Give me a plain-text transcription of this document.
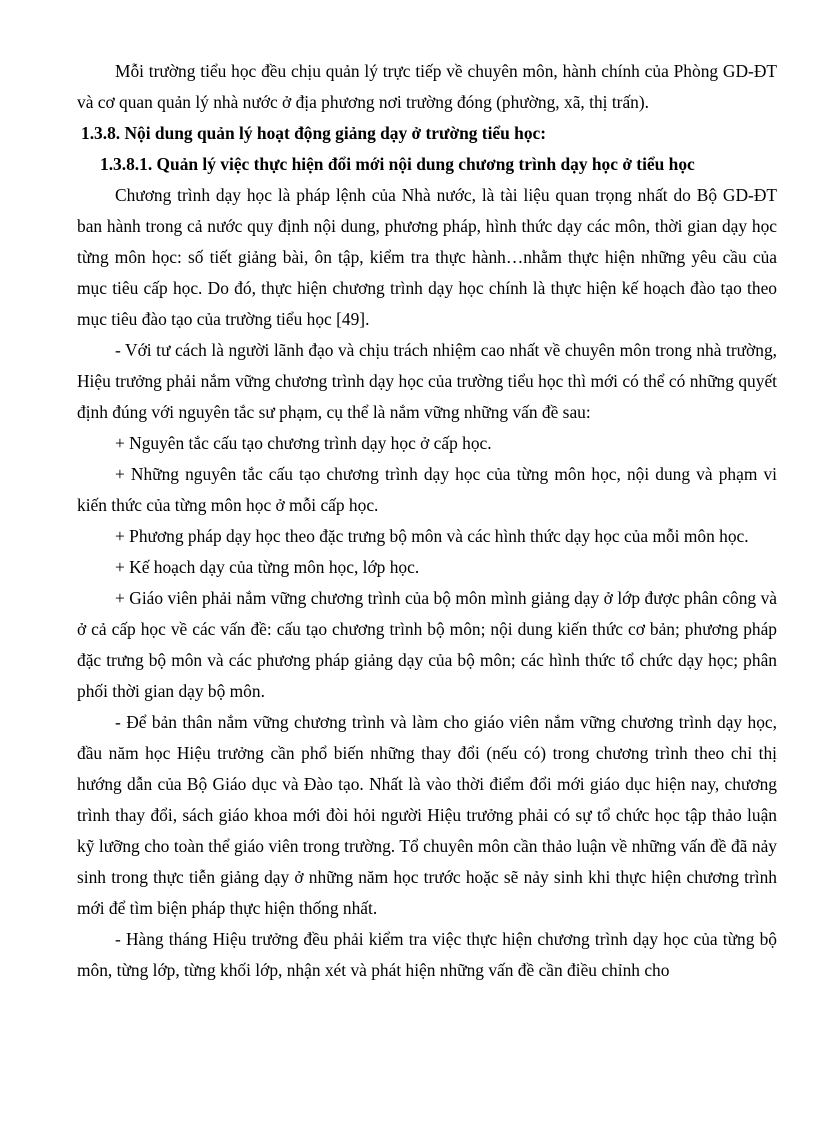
Mỗi trường tiểu học đều chịu quản lý trực tiếp về chuyên môn, hành chính của Phòng GD-ĐT và cơ quan quản lý nhà nước ở địa phương nơi trường đóng (phường, xã, thị trấn).

1.3.8. Nội dung quản lý hoạt động giảng dạy ở trường tiểu học:

1.3.8.1. Quản lý việc thực hiện đổi mới nội dung chương trình dạy học ở tiểu học

Chương trình dạy học là pháp lệnh của Nhà nước, là tài liệu quan trọng nhất do Bộ GD-ĐT ban hành trong cả nước quy định nội dung, phương pháp, hình thức dạy các môn, thời gian dạy học từng môn học: số tiết giảng bài, ôn tập, kiểm tra thực hành…nhằm thực hiện những yêu cầu của mục tiêu cấp học. Do đó, thực hiện chương trình dạy học chính là thực hiện kế hoạch đào tạo theo mục tiêu đào tạo của trường tiểu học [49].

- Với tư cách là người lãnh đạo và chịu trách nhiệm cao nhất về chuyên môn trong nhà trường, Hiệu trưởng phải nắm vững chương trình dạy học của trường tiểu học thì mới có thể có những quyết định đúng với nguyên tắc sư phạm, cụ thể là nắm vững những vấn đề sau:

+ Nguyên tắc cấu tạo chương trình dạy học ở cấp học.

+ Những nguyên tắc cấu tạo chương trình dạy học của từng môn học, nội dung và phạm vi kiến thức của từng môn học ở mỗi cấp học.

+ Phương pháp dạy học theo đặc trưng bộ môn và các hình thức dạy học của mỗi môn học.

+ Kế hoạch dạy của từng môn học, lớp học.

+ Giáo viên phải nắm vững chương trình của bộ môn mình giảng dạy ở lớp được phân công và ở cả cấp học về các vấn đề: cấu tạo chương trình bộ môn; nội dung kiến thức cơ bản; phương pháp đặc trưng bộ môn và các phương pháp giảng dạy của bộ môn; các hình thức tổ chức dạy học; phân phối thời gian dạy bộ môn.

- Để bản thân nắm vững chương trình và làm cho giáo viên nắm vững chương trình dạy học, đầu năm học Hiệu trưởng cần phổ biến những thay đổi (nếu có) trong chương trình theo chỉ thị hướng dẫn của Bộ Giáo dục và Đào tạo. Nhất là vào thời điểm đổi mới giáo dục hiện nay, chương trình thay đổi, sách giáo khoa mới đòi hỏi người Hiệu trưởng phải có sự tổ chức học tập thảo luận kỹ lưỡng cho toàn thể giáo viên trong trường. Tổ chuyên môn cần thảo luận về những vấn đề đã nảy sinh trong thực tiễn giảng dạy ở những năm học trước hoặc sẽ nảy sinh khi thực hiện chương trình mới để tìm biện pháp thực hiện thống nhất.

- Hàng tháng Hiệu trưởng đều phải kiểm tra việc thực hiện chương trình dạy học của từng bộ môn, từng lớp, từng khối lớp, nhận xét và phát hiện những vấn đề cần điều chỉnh cho
